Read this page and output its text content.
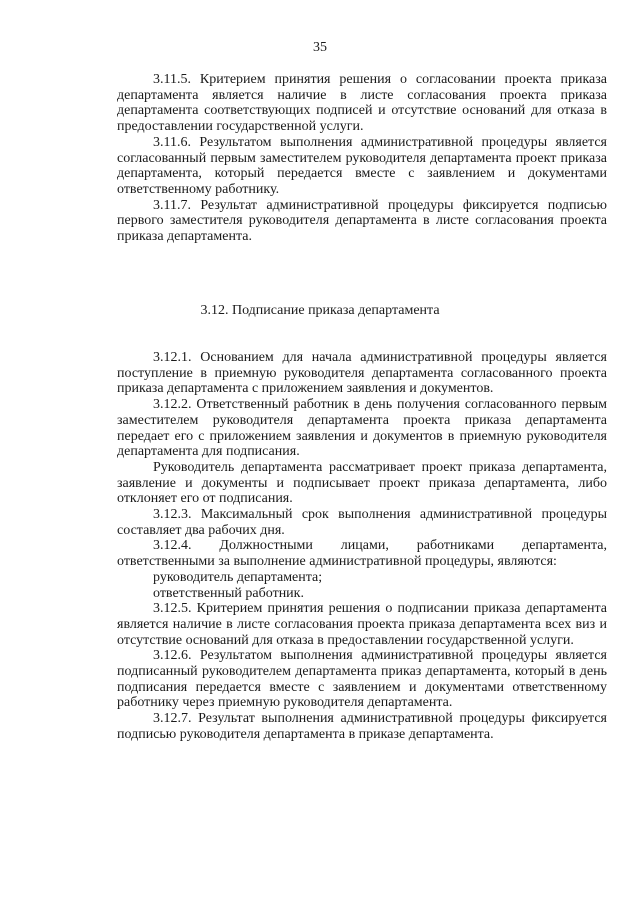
35

3.11.5. Критерием принятия решения о согласовании проекта приказа департамента является наличие в листе согласования проекта приказа департамента соответствующих подписей и отсутствие оснований для отказа в предоставлении государственной услуги.

3.11.6. Результатом выполнения административной процедуры является согласованный первым заместителем руководителя департамента проект приказа департамента, который передается вместе с заявлением и документами ответственному работнику.

3.11.7. Результат административной процедуры фиксируется подписью первого заместителя руководителя департамента в листе согласования проекта приказа департамента.

3.12. Подписание приказа департамента

3.12.1. Основанием для начала административной процедуры является поступление в приемную руководителя департамента согласованного проекта приказа департамента с приложением заявления и документов.

3.12.2. Ответственный работник в день получения согласованного первым заместителем руководителя департамента проекта приказа департамента передает его с приложением заявления и документов в приемную руководителя департамента для подписания.

Руководитель департамента рассматривает проект приказа департамента, заявление и документы и подписывает проект приказа департамента, либо отклоняет его от подписания.

3.12.3. Максимальный срок выполнения административной процедуры составляет два рабочих дня.

3.12.4. Должностными лицами, работниками департамента, ответственными за выполнение административной процедуры, являются:

руководитель департамента;

ответственный работник.

3.12.5. Критерием принятия решения о подписании приказа департамента является наличие в листе согласования проекта приказа департамента всех виз и отсутствие оснований для отказа в предоставлении государственной услуги.

3.12.6. Результатом выполнения административной процедуры является подписанный руководителем департамента приказ департамента, который в день подписания передается вместе с заявлением и документами ответственному работнику через приемную руководителя департамента.

3.12.7. Результат выполнения административной процедуры фиксируется подписью руководителя департамента в приказе департамента.
